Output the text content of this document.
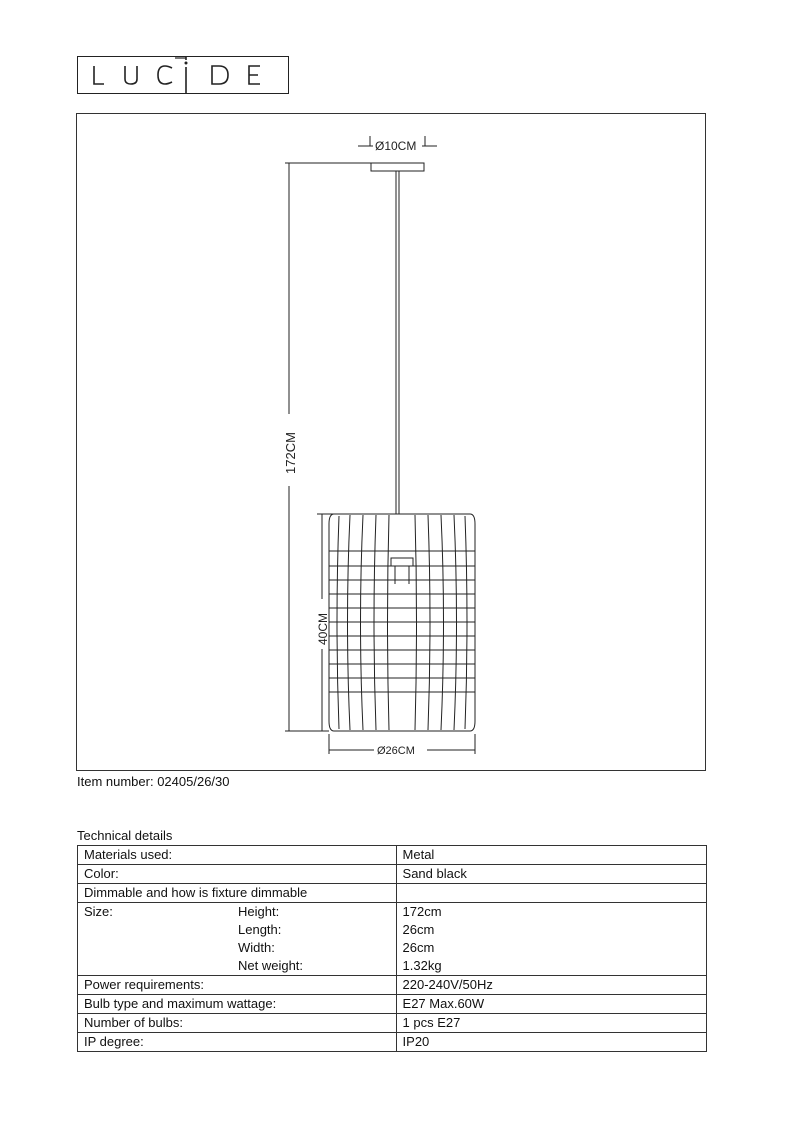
Ø10CM
172CM
40CM
Ø26CM
Item number: 02405/26/30
Technical details
Materials used:	Metal
Color:	Sand black
Dimmable and how is fixture dimmable	
Size: Height:	172cm

Length:	26cm

Width:	26cm

Net weight:	1.32kg
Power requirements:	220-240V/50Hz
Bulb type and maximum wattage:	E27 Max.60W
Number of bulbs:	1 pcs E27
IP degree:	IP20
